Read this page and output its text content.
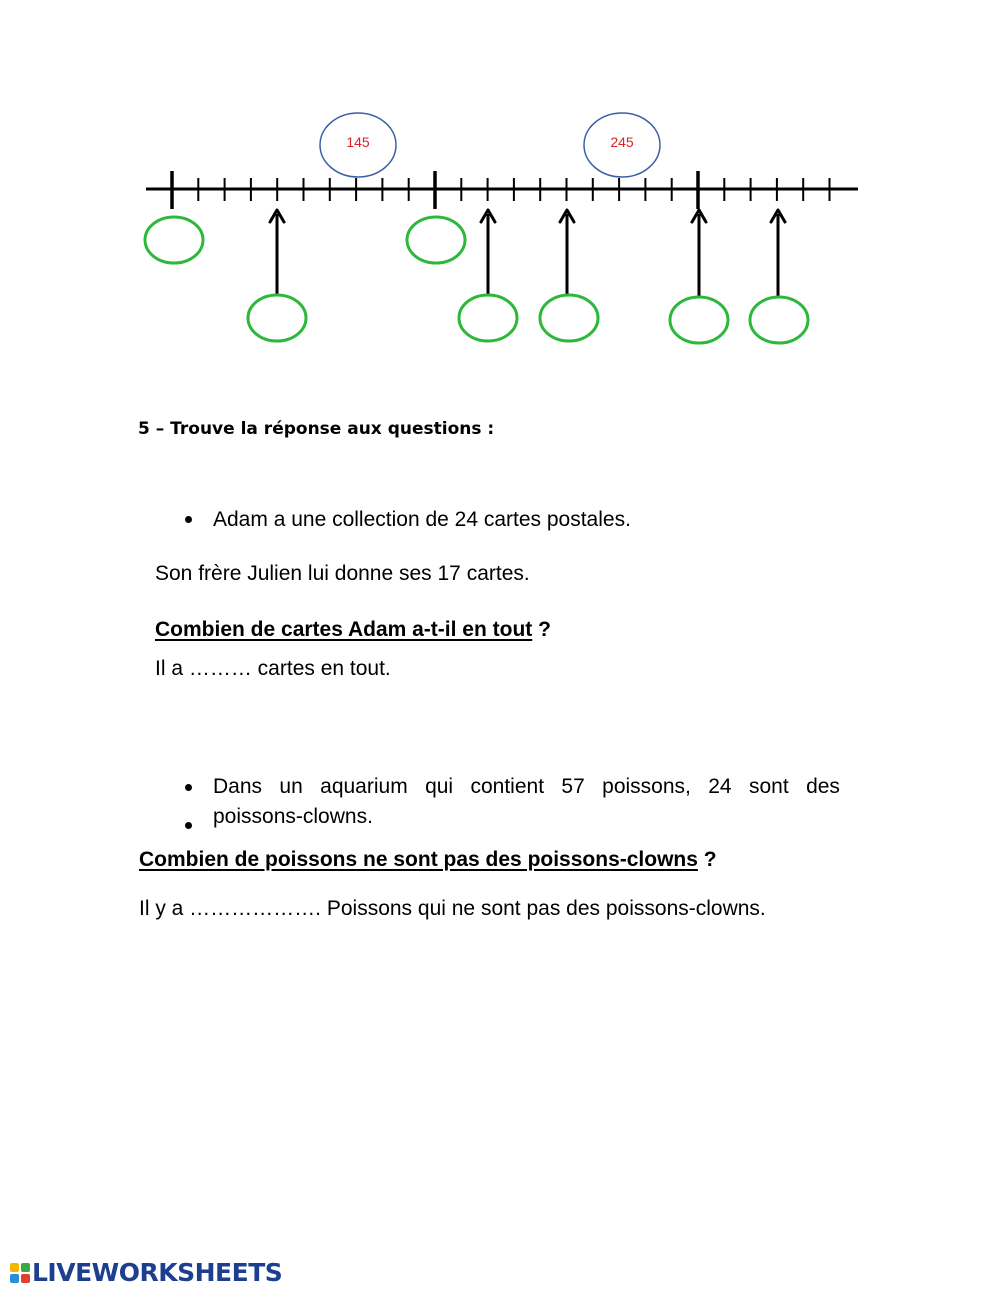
145	245
5 – Trouve la réponse aux questions :
Adam a une collection de 24 cartes postales.
Son frère Julien lui donne ses 17 cartes.
Combien de cartes Adam a-t-il en tout ?
Il a ……… cartes en tout.
Dans un aquarium qui contient 57 poissons, 24 sont des
poissons-clowns.
Combien de poissons ne sont pas des poissons-clowns ?
Il y a ………………. Poissons qui ne sont pas des poissons-clowns.
LIVEWORKSHEETS
